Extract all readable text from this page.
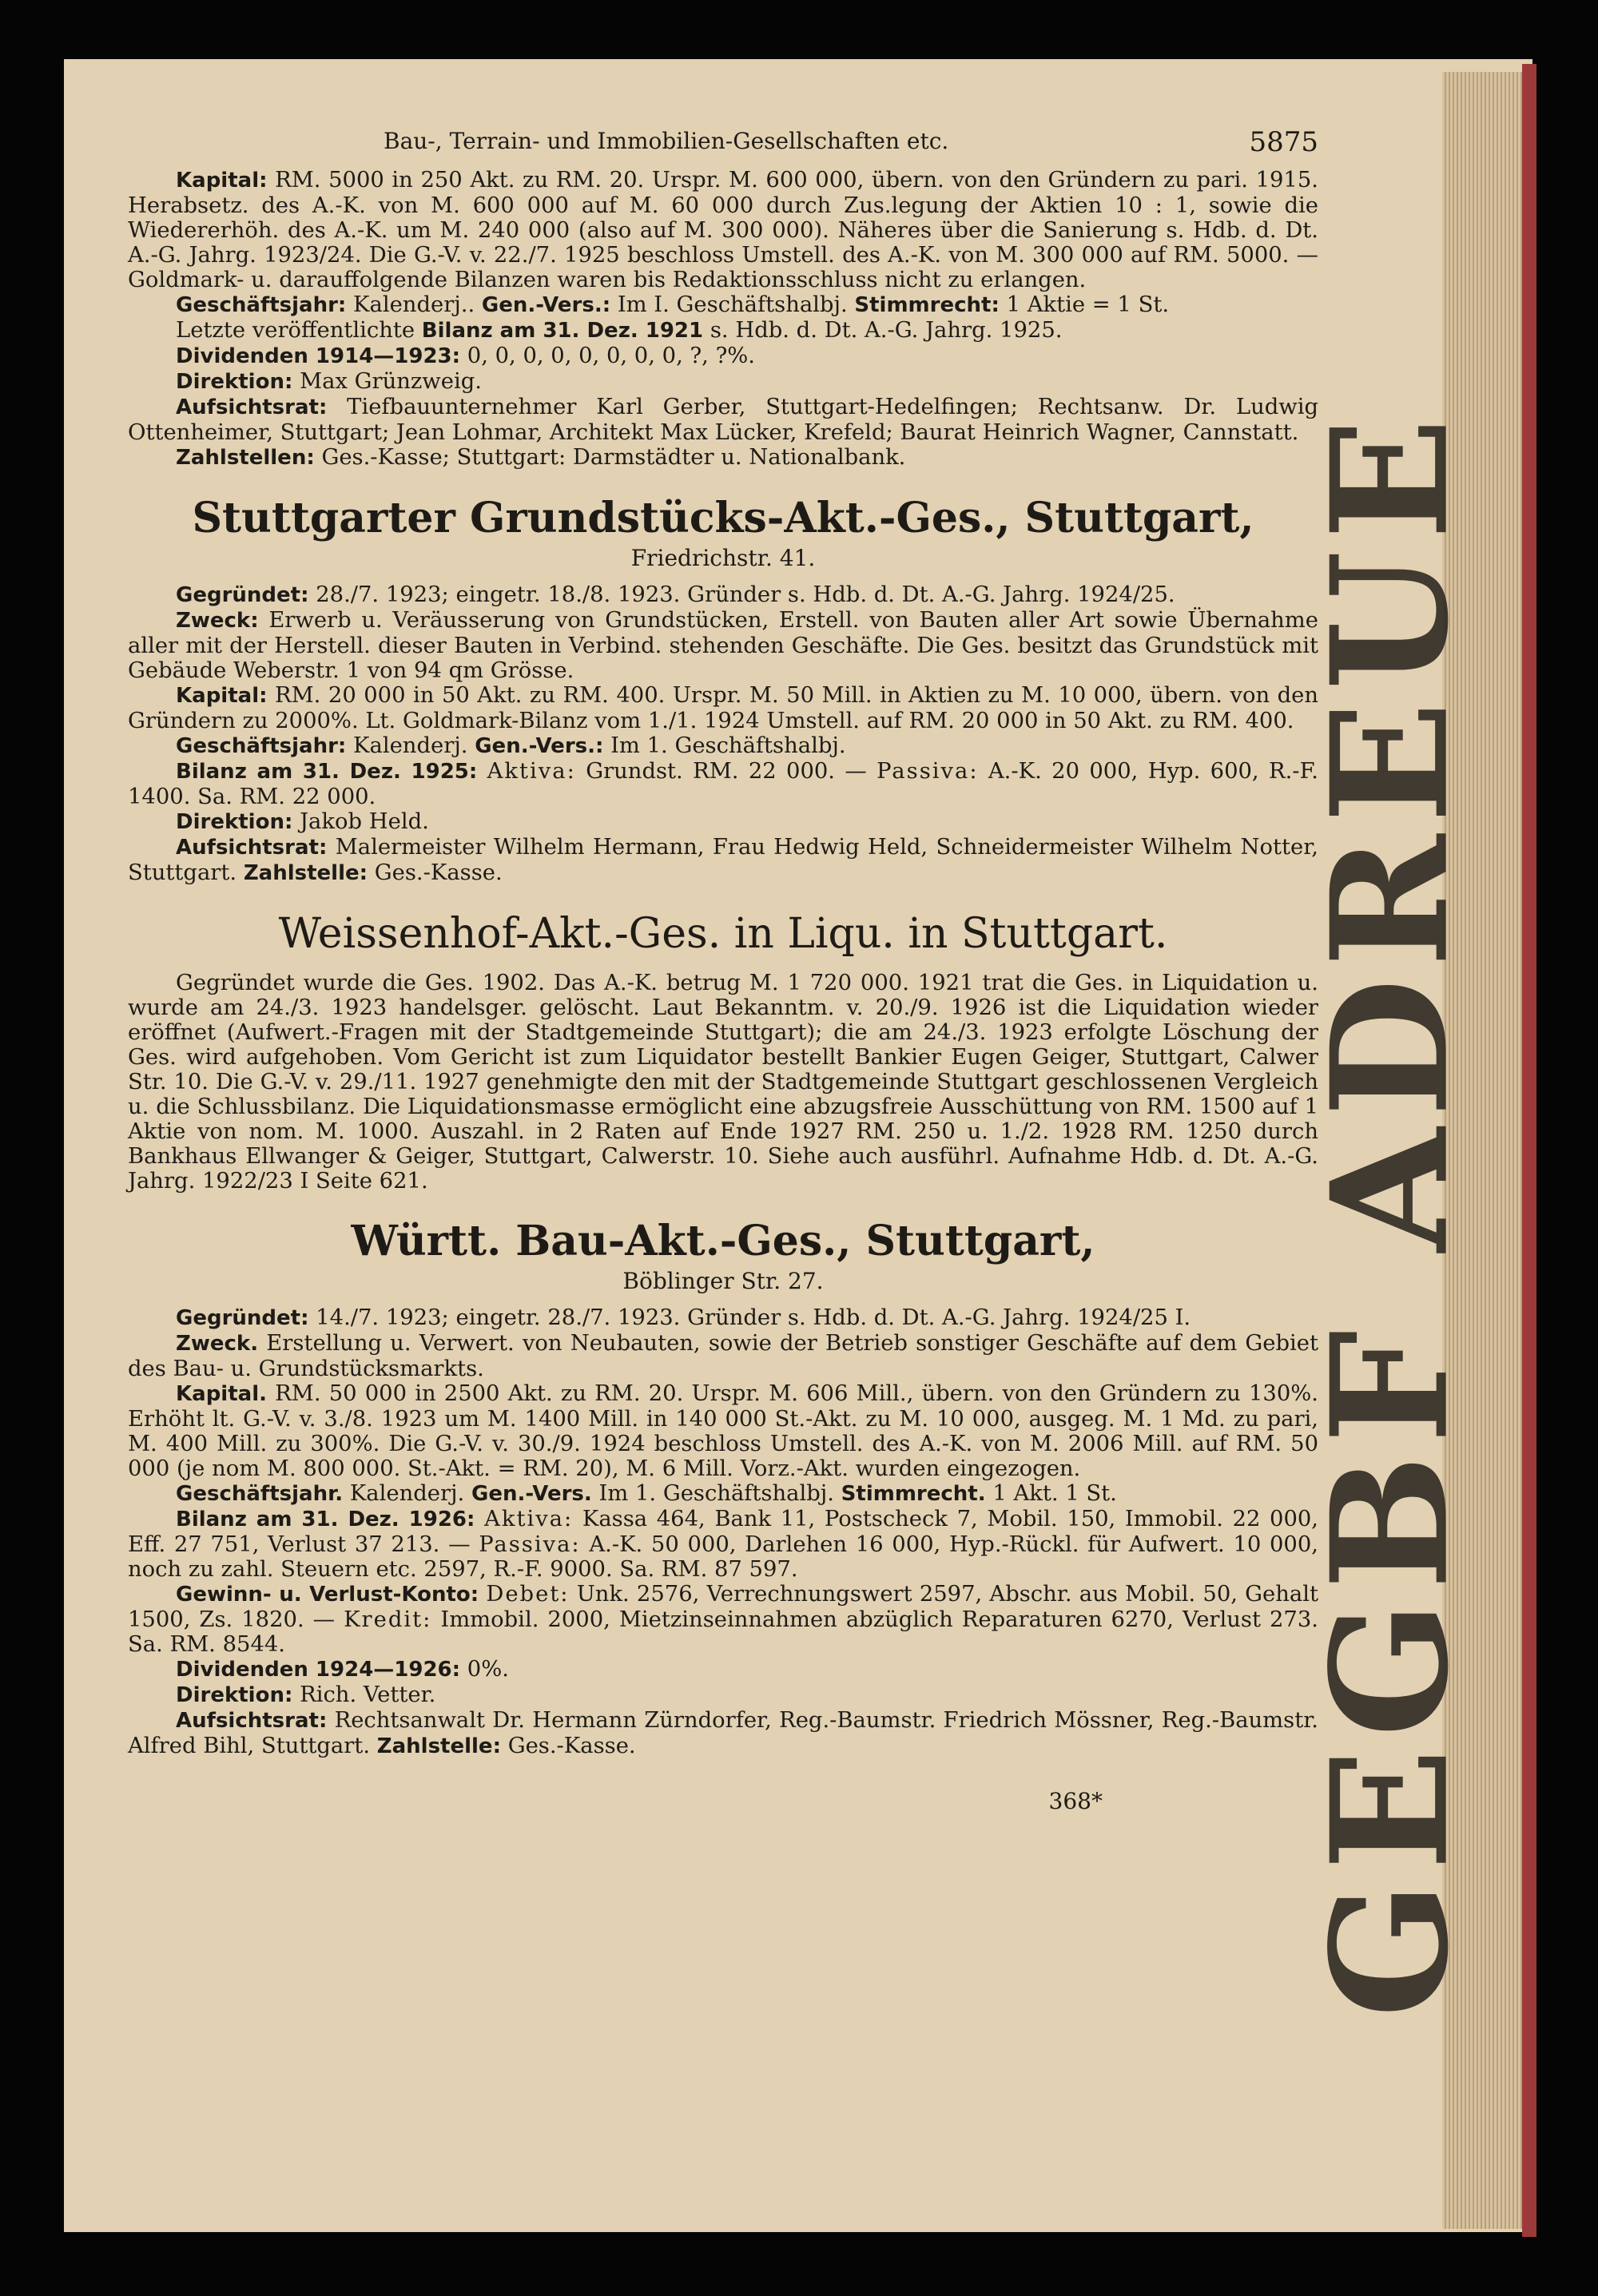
GEGBF ADREUE
Bau-, Terrain- und Immobilien-Gesellschaften etc.	5875

Kapital: RM. 5000 in 250 Akt. zu RM. 20. Urspr. M. 600 000, übern. von den Gründern zu pari. 1915. Herabsetz. des A.-K. von M. 600 000 auf M. 60 000 durch Zus.legung der Aktien 10 : 1, sowie die Wiedererhöh. des A.-K. um M. 240 000 (also auf M. 300 000). Näheres über die Sanierung s. Hdb. d. Dt. A.-G. Jahrg. 1923/24. Die G.-V. v. 22./7. 1925 beschloss Umstell. des A.-K. von M. 300 000 auf RM. 5000. — Goldmark- u. darauffolgende Bilanzen waren bis Redaktionsschluss nicht zu erlangen.

Geschäftsjahr: Kalenderj.. Gen.-Vers.: Im I. Geschäftshalbj. Stimmrecht: 1 Aktie = 1 St.

Letzte veröffentlichte Bilanz am 31. Dez. 1921 s. Hdb. d. Dt. A.-G. Jahrg. 1925.

Dividenden 1914—1923: 0, 0, 0, 0, 0, 0, 0, 0, ?, ?%.

Direktion: Max Grünzweig.

Aufsichtsrat: Tiefbauunternehmer Karl Gerber, Stuttgart-Hedelfingen; Rechtsanw. Dr. Ludwig Ottenheimer, Stuttgart; Jean Lohmar, Architekt Max Lücker, Krefeld; Baurat Heinrich Wagner, Cannstatt.

Zahlstellen: Ges.-Kasse; Stuttgart: Darmstädter u. Nationalbank.

Stuttgarter Grundstücks-Akt.-Ges., Stuttgart,
Friedrichstr. 41.

Gegründet: 28./7. 1923; eingetr. 18./8. 1923. Gründer s. Hdb. d. Dt. A.-G. Jahrg. 1924/25.

Zweck: Erwerb u. Veräusserung von Grundstücken, Erstell. von Bauten aller Art sowie Übernahme aller mit der Herstell. dieser Bauten in Verbind. stehenden Geschäfte. Die Ges. besitzt das Grundstück mit Gebäude Weberstr. 1 von 94 qm Grösse.

Kapital: RM. 20 000 in 50 Akt. zu RM. 400. Urspr. M. 50 Mill. in Aktien zu M. 10 000, übern. von den Gründern zu 2000%. Lt. Goldmark-Bilanz vom 1./1. 1924 Umstell. auf RM. 20 000 in 50 Akt. zu RM. 400.

Geschäftsjahr: Kalenderj. Gen.-Vers.: Im 1. Geschäftshalbj.

Bilanz am 31. Dez. 1925: Aktiva: Grundst. RM. 22 000. — Passiva: A.-K. 20 000, Hyp. 600, R.-F. 1400. Sa. RM. 22 000.

Direktion: Jakob Held.

Aufsichtsrat: Malermeister Wilhelm Hermann, Frau Hedwig Held, Schneidermeister Wilhelm Notter, Stuttgart. Zahlstelle: Ges.-Kasse.

Weissenhof-Akt.-Ges. in Liqu. in Stuttgart.

Gegründet wurde die Ges. 1902. Das A.-K. betrug M. 1 720 000. 1921 trat die Ges. in Liquidation u. wurde am 24./3. 1923 handelsger. gelöscht. Laut Bekanntm. v. 20./9. 1926 ist die Liquidation wieder eröffnet (Aufwert.-Fragen mit der Stadtgemeinde Stuttgart); die am 24./3. 1923 erfolgte Löschung der Ges. wird aufgehoben. Vom Gericht ist zum Liquidator bestellt Bankier Eugen Geiger, Stuttgart, Calwer Str. 10. Die G.-V. v. 29./11. 1927 genehmigte den mit der Stadtgemeinde Stuttgart geschlossenen Vergleich u. die Schlussbilanz. Die Liquidationsmasse ermöglicht eine abzugsfreie Ausschüttung von RM. 1500 auf 1 Aktie von nom. M. 1000. Auszahl. in 2 Raten auf Ende 1927 RM. 250 u. 1./2. 1928 RM. 1250 durch Bankhaus Ellwanger & Geiger, Stuttgart, Calwerstr. 10. Siehe auch ausführl. Aufnahme Hdb. d. Dt. A.-G. Jahrg. 1922/23 I Seite 621.

Württ. Bau-Akt.-Ges., Stuttgart,
Böblinger Str. 27.

Gegründet: 14./7. 1923; eingetr. 28./7. 1923. Gründer s. Hdb. d. Dt. A.-G. Jahrg. 1924/25 I.

Zweck. Erstellung u. Verwert. von Neubauten, sowie der Betrieb sonstiger Geschäfte auf dem Gebiet des Bau- u. Grundstücksmarkts.

Kapital. RM. 50 000 in 2500 Akt. zu RM. 20. Urspr. M. 606 Mill., übern. von den Gründern zu 130%. Erhöht lt. G.-V. v. 3./8. 1923 um M. 1400 Mill. in 140 000 St.-Akt. zu M. 10 000, ausgeg. M. 1 Md. zu pari, M. 400 Mill. zu 300%. Die G.-V. v. 30./9. 1924 beschloss Umstell. des A.-K. von M. 2006 Mill. auf RM. 50 000 (je nom M. 800 000. St.-Akt. = RM. 20), M. 6 Mill. Vorz.-Akt. wurden eingezogen.

Geschäftsjahr. Kalenderj. Gen.-Vers. Im 1. Geschäftshalbj. Stimmrecht. 1 Akt. 1 St.

Bilanz am 31. Dez. 1926: Aktiva: Kassa 464, Bank 11, Postscheck 7, Mobil. 150, Immobil. 22 000, Eff. 27 751, Verlust 37 213. — Passiva: A.-K. 50 000, Darlehen 16 000, Hyp.-Rückl. für Aufwert. 10 000, noch zu zahl. Steuern etc. 2597, R.-F. 9000. Sa. RM. 87 597.

Gewinn- u. Verlust-Konto: Debet: Unk. 2576, Verrechnungswert 2597, Abschr. aus Mobil. 50, Gehalt 1500, Zs. 1820. — Kredit: Immobil. 2000, Mietzinseinnahmen abzüglich Reparaturen 6270, Verlust 273. Sa. RM. 8544.

Dividenden 1924—1926: 0%.

Direktion: Rich. Vetter.

Aufsichtsrat: Rechtsanwalt Dr. Hermann Zürndorfer, Reg.-Baumstr. Friedrich Mössner, Reg.-Baumstr. Alfred Bihl, Stuttgart. Zahlstelle: Ges.-Kasse.

368*
